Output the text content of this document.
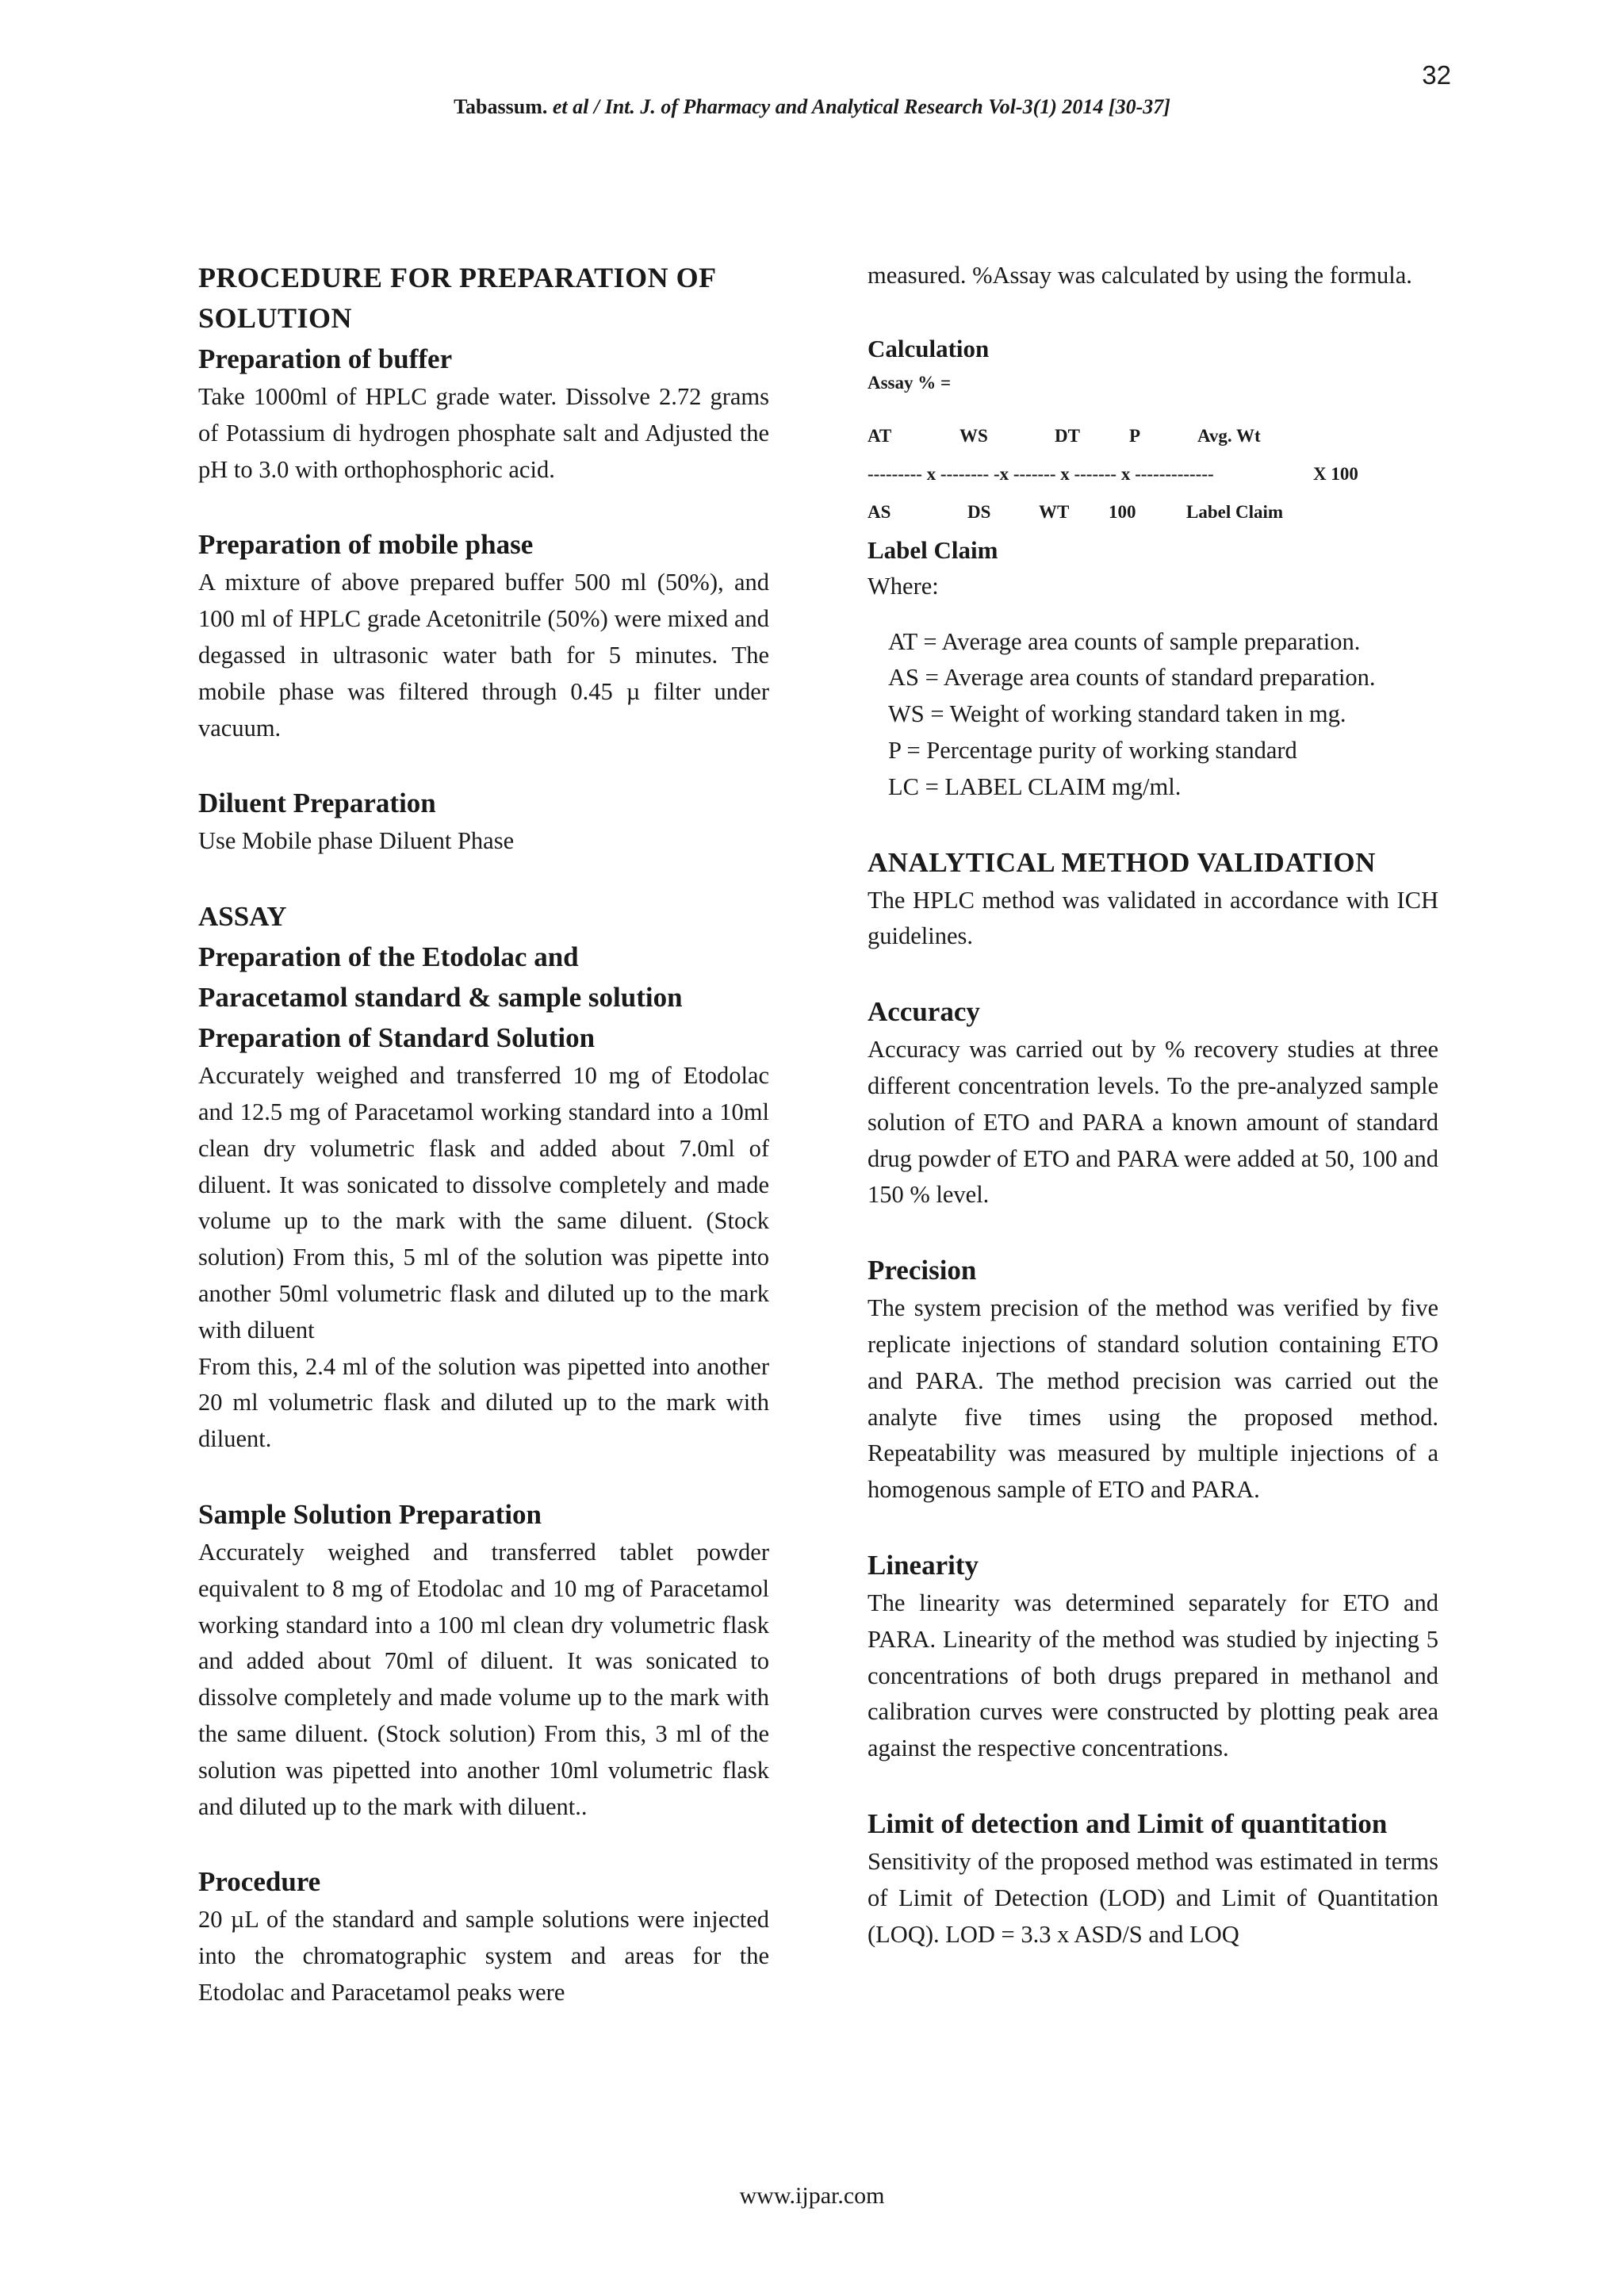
32
Tabassum. et al / Int. J. of Pharmacy and Analytical Research Vol-3(1) 2014 [30-37]
PROCEDURE FOR PREPARATION OF SOLUTION
Preparation of buffer

Take 1000ml of HPLC grade water. Dissolve 2.72 grams of Potassium di hydrogen phosphate salt and Adjusted the pH to 3.0 with orthophosphoric acid.

Preparation of mobile phase

A mixture of above prepared buffer 500 ml (50%), and 100 ml of HPLC grade Acetonitrile (50%) were mixed and degassed in ultrasonic water bath for 5 minutes. The mobile phase was filtered through 0.45 µ filter under vacuum.

Diluent Preparation

Use Mobile phase Diluent Phase

ASSAY
Preparation of the Etodolac and
Paracetamol standard & sample solution
Preparation of Standard Solution

Accurately weighed and transferred 10 mg of Etodolac and 12.5 mg of Paracetamol working standard into a 10ml clean dry volumetric flask and added about 7.0ml of diluent. It was sonicated to dissolve completely and made volume up to the mark with the same diluent. (Stock solution) From this, 5 ml of the solution was pipette into another 50ml volumetric flask and diluted up to the mark with diluent

From this, 2.4 ml of the solution was pipetted into another 20 ml volumetric flask and diluted up to the mark with diluent.

Sample Solution Preparation

Accurately weighed and transferred tablet powder equivalent to 8 mg of Etodolac and 10 mg of Paracetamol working standard into a 100 ml clean dry volumetric flask and added about 70ml of diluent. It was sonicated to dissolve completely and made volume up to the mark with the same diluent. (Stock solution) From this, 3 ml of the solution was pipetted into another 10ml volumetric flask and diluted up to the mark with diluent..

Procedure

20 µL of the standard and sample solutions were injected into the chromatographic system and areas for the Etodolac and Paracetamol peaks were

measured. %Assay was calculated by using the formula.

Calculation
Assay % =
AT	WS	DT	P	Avg. Wt
--------- x -------- -x ------- x ------- x -------------	X 100
AS	DS	WT 100	Label Claim
Label Claim

Where:

AT = Average area counts of sample preparation.

AS = Average area counts of standard preparation.

WS = Weight of working standard taken in mg.

P = Percentage purity of working standard

LC = LABEL CLAIM mg/ml.

ANALYTICAL METHOD VALIDATION

The HPLC method was validated in accordance with ICH guidelines.

Accuracy

Accuracy was carried out by % recovery studies at three different concentration levels. To the pre-analyzed sample solution of ETO and PARA a known amount of standard drug powder of ETO and PARA were added at 50, 100 and 150 % level.

Precision

The system precision of the method was verified by five replicate injections of standard solution containing ETO and PARA. The method precision was carried out the analyte five times using the proposed method. Repeatability was measured by multiple injections of a homogenous sample of ETO and PARA.

Linearity

The linearity was determined separately for ETO and PARA. Linearity of the method was studied by injecting 5 concentrations of both drugs prepared in methanol and calibration curves were constructed by plotting peak area against the respective concentrations.

Limit of detection and Limit of quantitation

Sensitivity of the proposed method was estimated in terms of Limit of Detection (LOD) and Limit of Quantitation (LOQ). LOD = 3.3 x ASD/S and LOQ

www.ijpar.com
